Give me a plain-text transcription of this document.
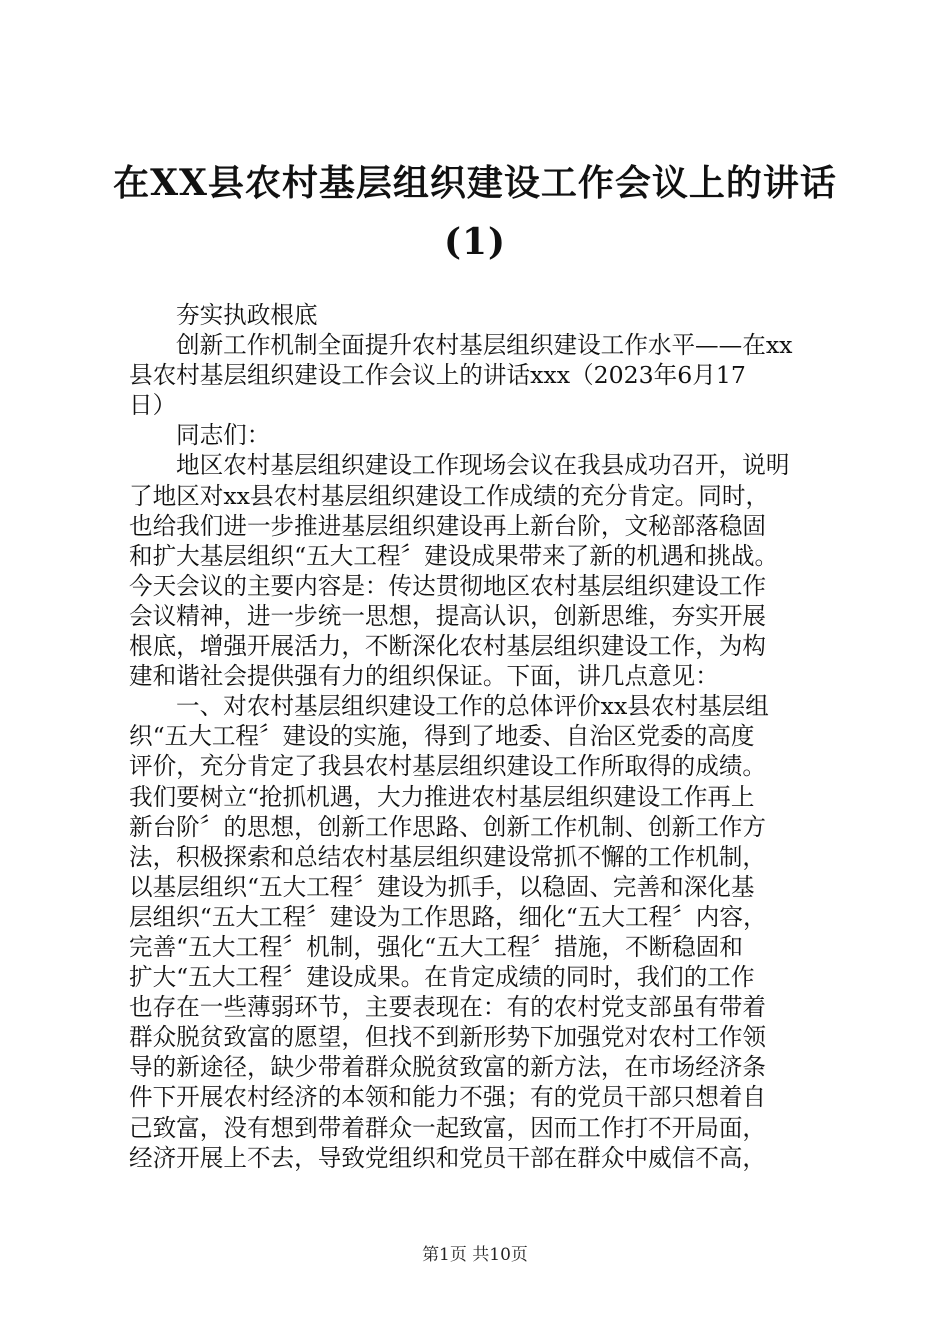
在XX县农村基层组织建设工作会议上的讲话
(1)
夯实执政根底
创新工作机制全面提升农村基层组织建设工作水平——在xx
县农村基层组织建设工作会议上的讲话xxx（2023年6月17
日）
同志们：
地区农村基层组织建设工作现场会议在我县成功召开，说明
了地区对xx县农村基层组织建设工作成绩的充分肯定。同时，
也给我们进一步推进基层组织建设再上新台阶，文秘部落稳固
和扩大基层组织“五大工程〞建设成果带来了新的机遇和挑战。
今天会议的主要内容是：传达贯彻地区农村基层组织建设工作
会议精神，进一步统一思想，提高认识，创新思维，夯实开展
根底，增强开展活力，不断深化农村基层组织建设工作，为构
建和谐社会提供强有力的组织保证。下面，讲几点意见：
一、对农村基层组织建设工作的总体评价xx县农村基层组
织“五大工程〞建设的实施，得到了地委、自治区党委的高度
评价，充分肯定了我县农村基层组织建设工作所取得的成绩。
我们要树立“抢抓机遇，大力推进农村基层组织建设工作再上
新台阶〞的思想，创新工作思路、创新工作机制、创新工作方
法，积极探索和总结农村基层组织建设常抓不懈的工作机制，
以基层组织“五大工程〞建设为抓手，以稳固、完善和深化基
层组织“五大工程〞建设为工作思路，细化“五大工程〞内容，
完善“五大工程〞机制，强化“五大工程〞措施，不断稳固和
扩大“五大工程〞建设成果。在肯定成绩的同时，我们的工作
也存在一些薄弱环节，主要表现在：有的农村党支部虽有带着
群众脱贫致富的愿望，但找不到新形势下加强党对农村工作领
导的新途径，缺少带着群众脱贫致富的新方法，在市场经济条
件下开展农村经济的本领和能力不强；有的党员干部只想着自
己致富，没有想到带着群众一起致富，因而工作打不开局面，
经济开展上不去，导致党组织和党员干部在群众中威信不高，
第1页 共10页
